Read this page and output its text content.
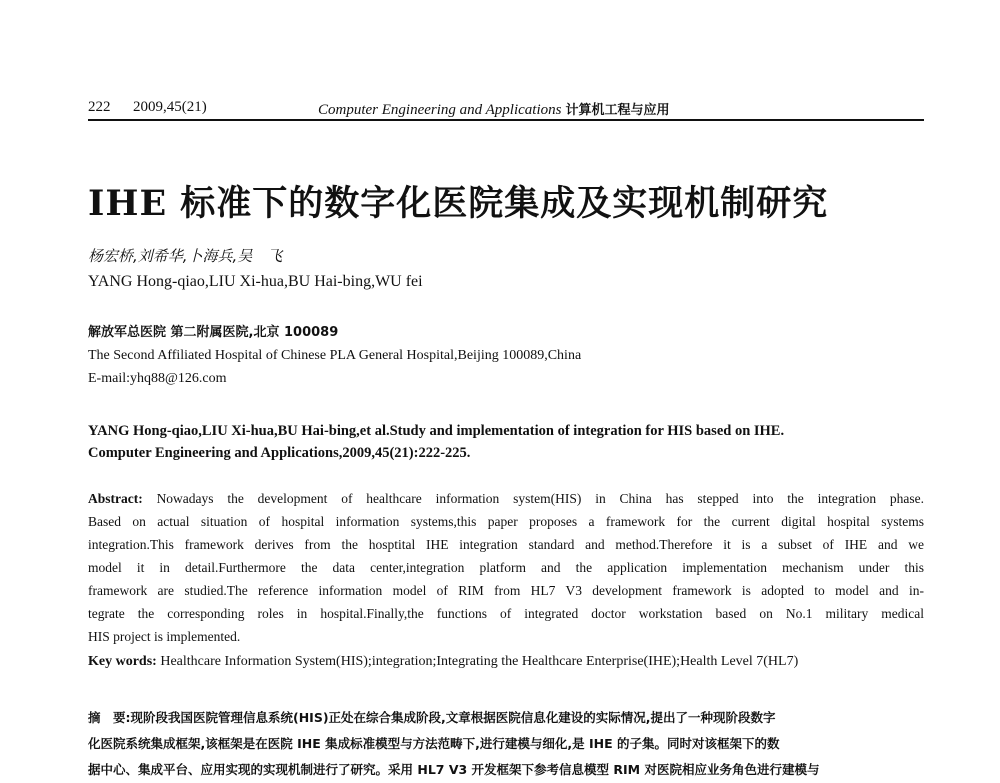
222 2009,45(21)	Computer Engineering and Applications 计算机工程与应用
IHE 标准下的数字化医院集成及实现机制研究
杨宏桥,刘希华,卜海兵,吴　飞
YANG Hong-qiao,LIU Xi-hua,BU Hai-bing,WU fei
解放军总医院 第二附属医院,北京 100089
The Second Affiliated Hospital of Chinese PLA General Hospital,Beijing 100089,China
E-mail:yhq88@126.com
YANG Hong-qiao,LIU Xi-hua,BU Hai-bing,et al.Study and implementation of integration for HIS based on IHE.
Computer Engineering and Applications,2009,45(21):222-225.
Abstract: Nowadays the development of healthcare information system(HIS) in China has stepped into the integration phase.
Based on actual situation of hospital information systems,this paper proposes a framework for the current digital hospital systems
integration.This framework derives from the hosptital IHE integration standard and method.Therefore it is a subset of IHE and we
model it in detail.Furthermore the data center,integration platform and the application implementation mechanism under this
framework are studied.The reference information model of RIM from HL7 V3 development framework is adopted to model and in-
tegrate the corresponding roles in hospital.Finally,the functions of integrated doctor workstation based on No.1 military medical
HIS project is implemented.
Key words: Healthcare Information System(HIS);integration;Integrating the Healthcare Enterprise(IHE);Health Level 7(HL7)
摘　要:现阶段我国医院管理信息系统(HIS)正处在综合集成阶段,文章根据医院信息化建设的实际情况,提出了一种现阶段数字
化医院系统集成框架,该框架是在医院 IHE 集成标准模型与方法范畴下,进行建模与细化,是 IHE 的子集。同时对该框架下的数
据中心、集成平台、应用实现的实现机制进行了研究。采用 HL7 V3 开发框架下参考信息模型 RIM 对医院相应业务角色进行建模与
